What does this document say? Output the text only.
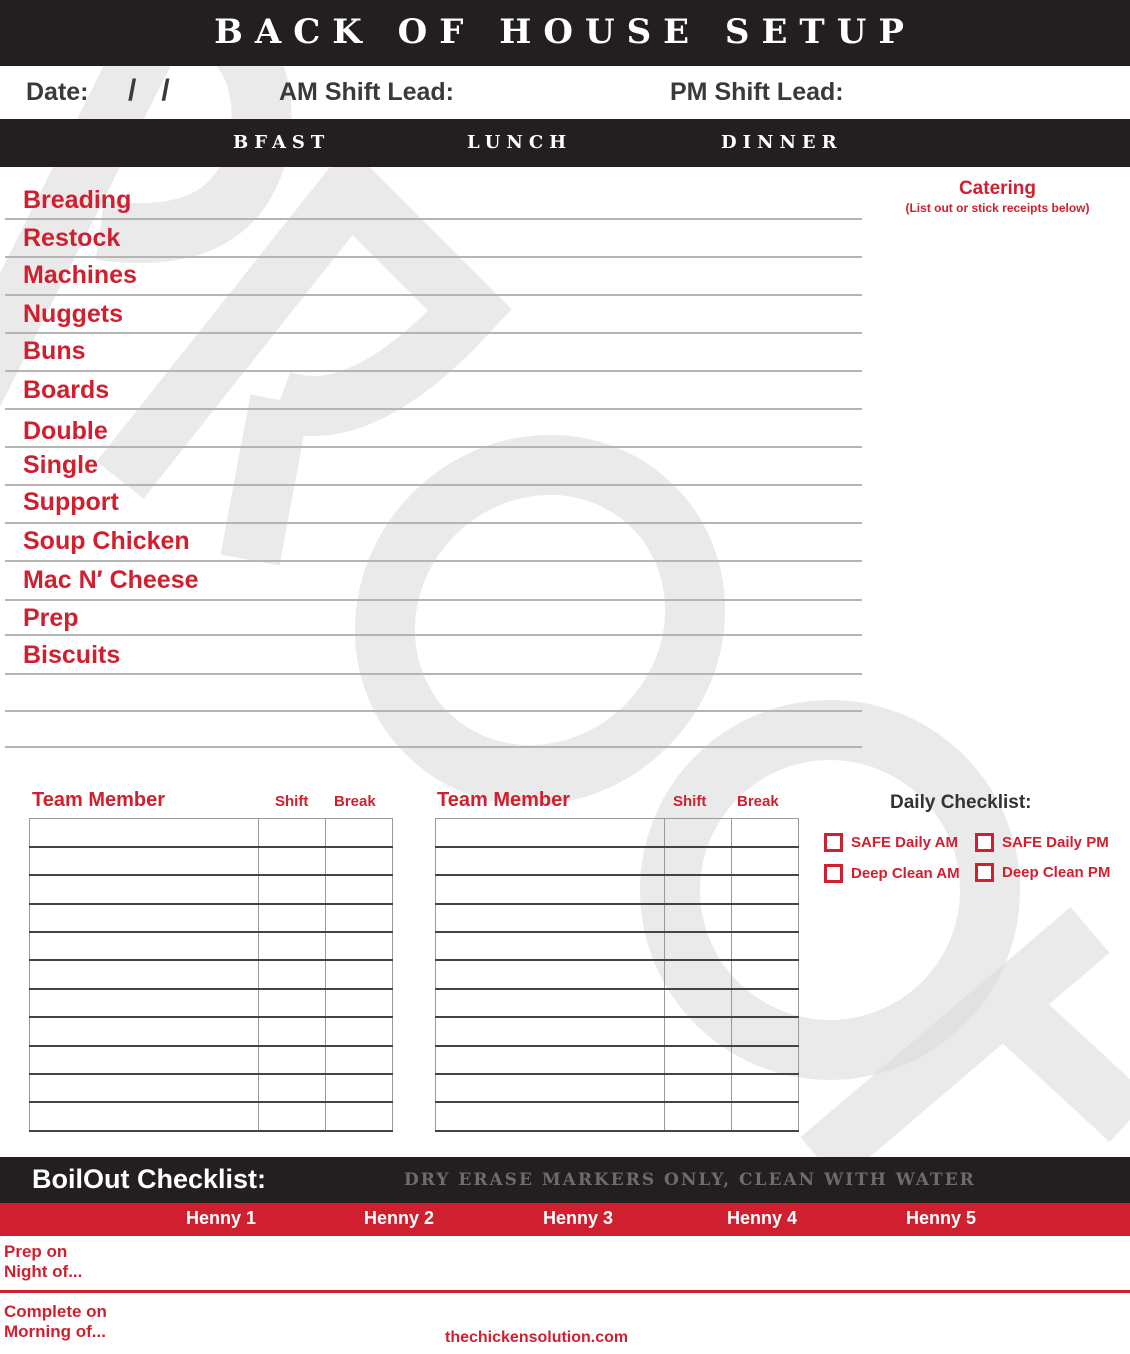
BACK OF HOUSE SETUP
Date: /   /	AM Shift Lead:	PM Shift Lead:
BFAST	LUNCH	DINNER
Breading
Restock
Machines
Nuggets
Buns
Boards
Double
Single
Support
Soup Chicken
Mac N′ Cheese
Prep
Biscuits
Catering
(List out or stick receipts below)
Team Member	Shift Break

			Team Member	Shift Break

			Daily Checklist:
SAFE Daily AM	SAFE Daily PM
Deep Clean AM	Deep Clean PM
BoilOut Checklist:	DRY ERASE MARKERS ONLY, CLEAN WITH WATER
Henny 1	Henny 2	Henny 3	Henny 4	Henny 5
Prep on
Night of...
Complete on
Morning of...	thechickensolution.com
